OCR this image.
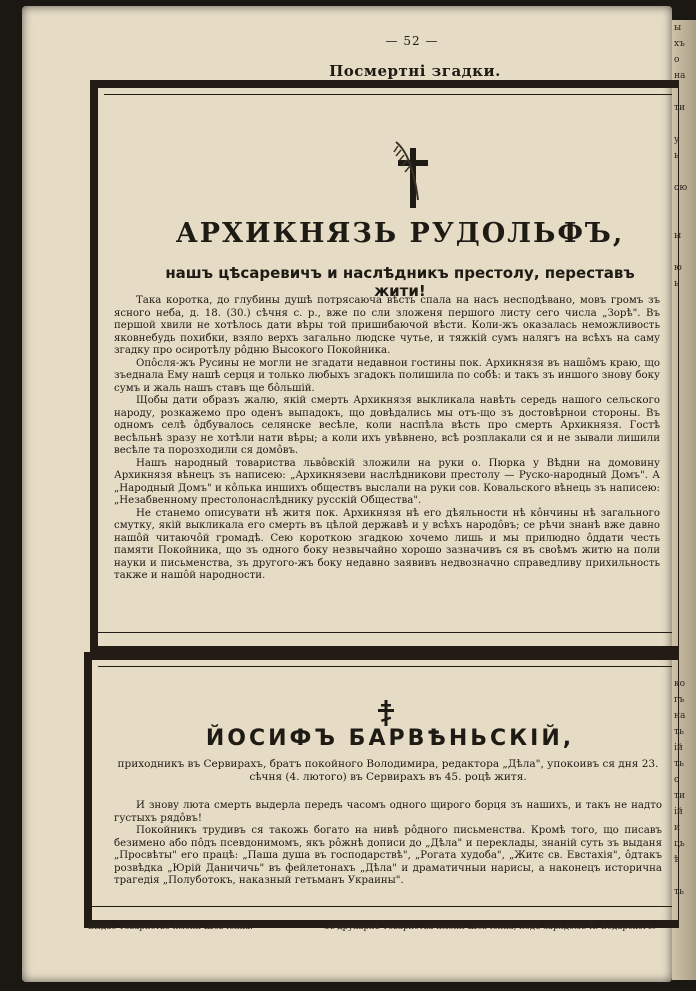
ы
хъ
о
на

ти

у
ь

ою

ы

ю
ь

ко
гъ
на
ть
ій
ть
о
ти
ій
и
ць
ѣ

ть

— 52 —
Посмертні згадки.
АРХИКНЯЗЬ РУДОЛЬФЪ,
нашъ цѣсаревичъ и наслѣдникъ престолу, переставъ жити!

Така коротка, до глубины душѣ потрясаюча вѣсть спала на насъ несподѣвано, мовъ громъ зъ ясного неба, д. 18. (30.) сѣчня с. р., вже по сли зложеня першого листу сего числа „Зорѣ". Въ першой хвили не хотѣлось дати вѣры той пришибаючой вѣсти. Коли-жъ оказалась неможливость яковнебудь похибки, взяло верхъ загально людске чутье, и тяжкій сумъ налягъ на всѣхъ на саму згадку про осиротѣлу рôдню Высокого Покойника.

Опôсля-жъ Русины не могли не згадати недавнои гостины пок. Архикнязя въ нашôмъ краю, що зъеднала Ему нашѣ серця и только любыхъ згадокъ полишила по собѣ: и такъ зъ иншого знову боку сумъ и жаль нашъ ставъ ще бôльшій.

Щобы дати образъ жалю, якій смерть Архикнязя выкликала навѣть середь нашого сельского народу, розкажемо про оденъ выпадокъ, що довѣдались мы отъ-що зъ достовѣрнои стороны. Въ одномъ селѣ ôдбувалось селянске весѣле, коли наспѣла вѣсть про смерть Архикнязя. Гостѣ весѣльнѣ зразу не хотѣли нати вѣры; а коли ихъ увѣвнено, всѣ розплакали ся и не зывали лишили весѣле та порозходили ся домôвъ.

Нашъ народный товариства львôвскій зложили на руки о. Пюрка у Вѣдни на домовину Архикнязя вѣнецъ зъ написею: „Архикнязеви наслѣдникови престолу — Руско-народный Домъ". А „Народный Домъ" и кôлька иншихъ обществъ выслали на руки сов. Ковальского вѣнець зъ написею: „Незабвенному престолонаслѣднику русскій Общества".

Не станемо описувати нѣ житя пок. Архикнязя нѣ его дѣяльности нѣ кôнчины нѣ загального смутку, якій выкликала его смерть въ цѣлой державѣ и у всѣхъ народôвъ; се рѣчи знанѣ вже давно нашôй читаючôй громадѣ. Сею короткою згадкою хочемо лишь и мы прилюдно ôддати честь памяти Покойника, що зъ одного боку незвычайно хорошо зазначивъ ся въ своѣмъ житю на поли науки и письменства, зъ другого-жъ боку недавно заявивъ недвозначно справедливу прихильность также и нашôй народности.

ЙОСИФЪ БАРВѢНЬСКІЙ,
приходникъ въ Сервирахъ, братъ покойного Володимира, редактора „Дѣла", упокоивъ ся дня 23. сѣчня (4. лютого) въ Сервирахъ въ 45. роцѣ житя.

И знову люта смерть выдерла передъ часомъ одного щирого борця зъ нашихъ, и такъ не надто густыхъ рядôвъ!

Покойникъ трудивъ ся такожь богато на нивѣ рôдного письменства. Кромѣ того, що писавъ безимено або пôдъ псевдонимомъ, якъ рôжнѣ дописи до „Дѣла" и переклады, знаній суть зъ выданя „Просвѣты" его працѣ: „Паша душа въ господарствѣ", „Рогата худоба", „Житє св. Евстахія", ôдтакъ розвѣдка „Юрій Даничичь" въ фейлетонахъ „Дѣла" и драматичныи нарисы, а наконецъ исторична трагедія „Полуботокъ, наказный гетьманъ Украины".

Выдає Товариство имени Шевченка.	Зъ друкарнѣ Товариства имени Шевченка, пôдъ зарядомъ К. Бедарского.
